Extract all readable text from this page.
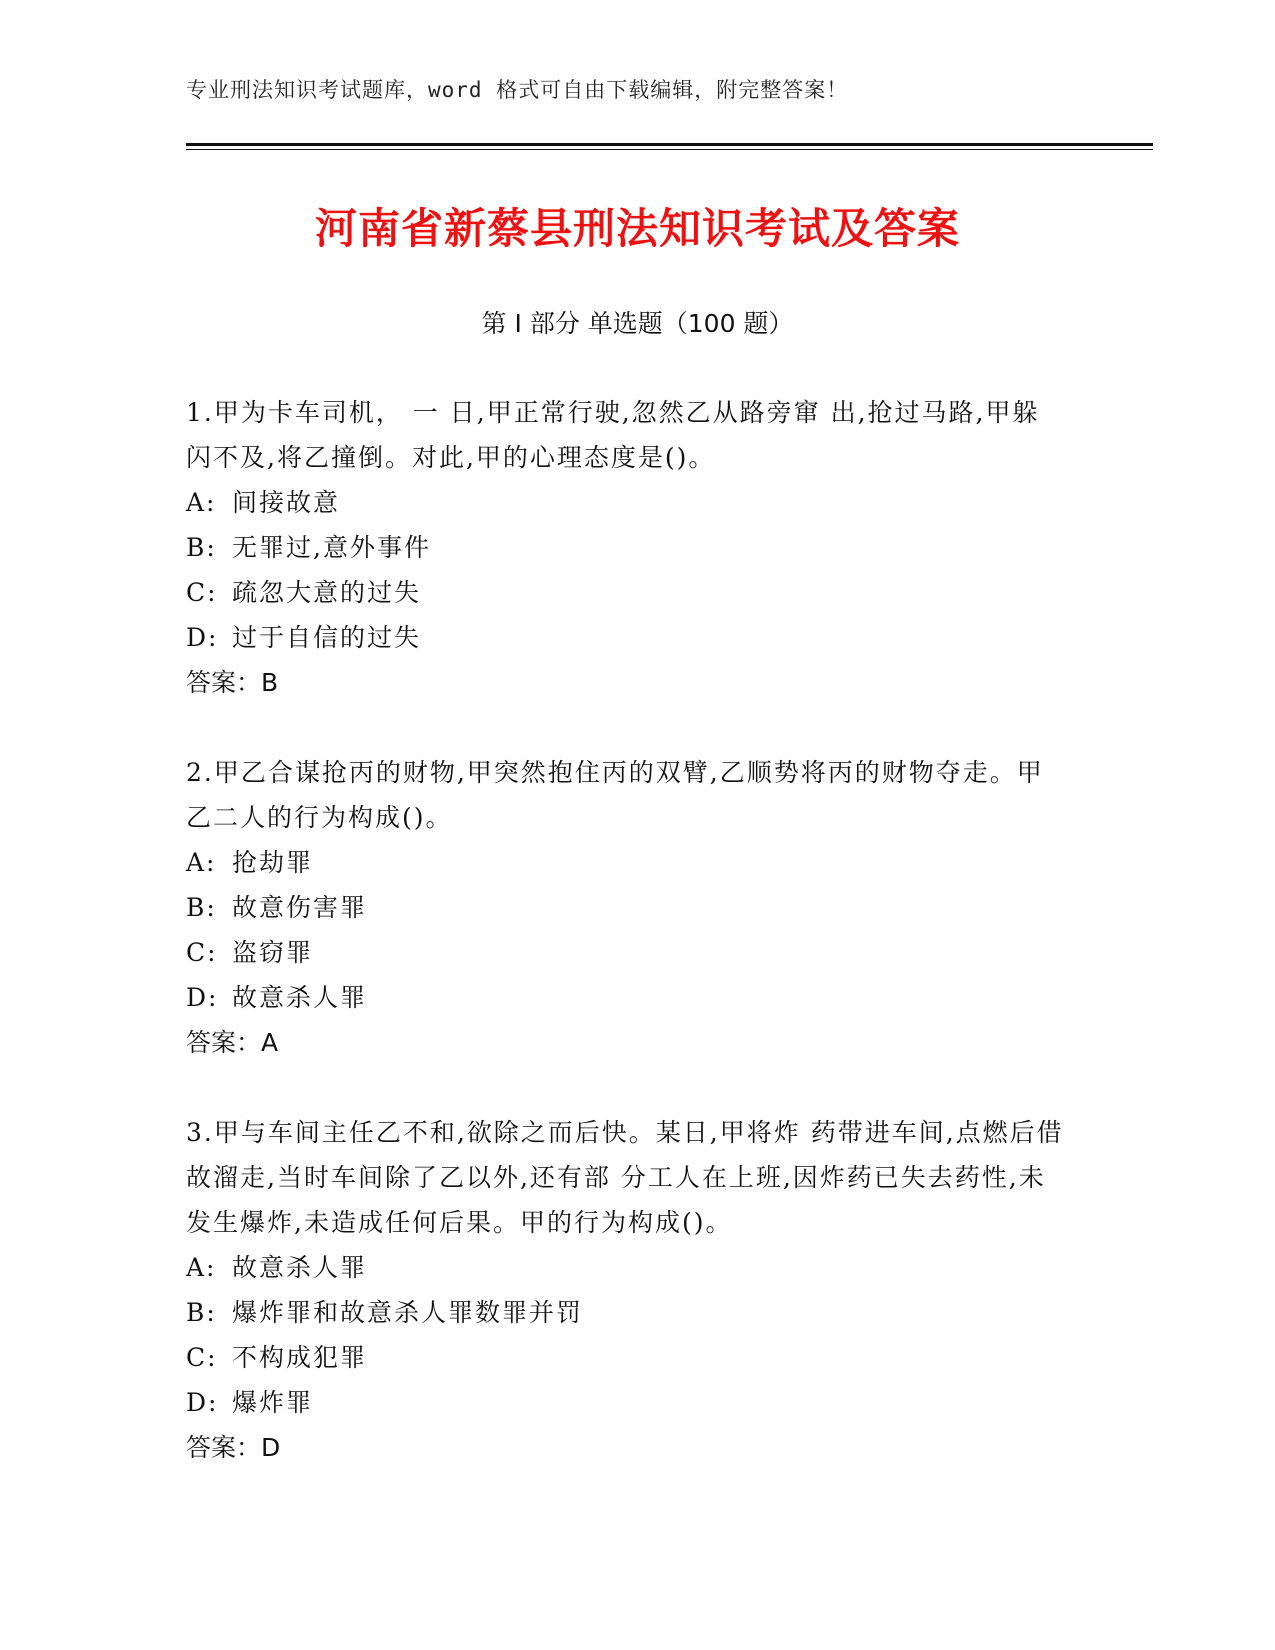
专业刑法知识考试题库，word 格式可自由下载编辑，附完整答案！
河南省新蔡县刑法知识考试及答案
第 I 部分 单选题（100 题）

1.甲为卡车司机， 一 日,甲正常行驶,忽然乙从路旁窜 出,抢过马路,甲躲闪不及,将乙撞倒。对此,甲的心理态度是()。

A: 间接故意

B: 无罪过,意外事件

C: 疏忽大意的过失

D: 过于自信的过失

答案：B

2.甲乙合谋抢丙的财物,甲突然抱住丙的双臂,乙顺势将丙的财物夺走。甲乙二人的行为构成()。

A: 抢劫罪

B: 故意伤害罪

C: 盗窃罪

D: 故意杀人罪

答案：A

3.甲与车间主任乙不和,欲除之而后快。某日,甲将炸 药带进车间,点燃后借故溜走,当时车间除了乙以外,还有部 分工人在上班,因炸药已失去药性,未发生爆炸,未造成任何后果。甲的行为构成()。

A: 故意杀人罪

B: 爆炸罪和故意杀人罪数罪并罚

C: 不构成犯罪

D: 爆炸罪

答案：D
